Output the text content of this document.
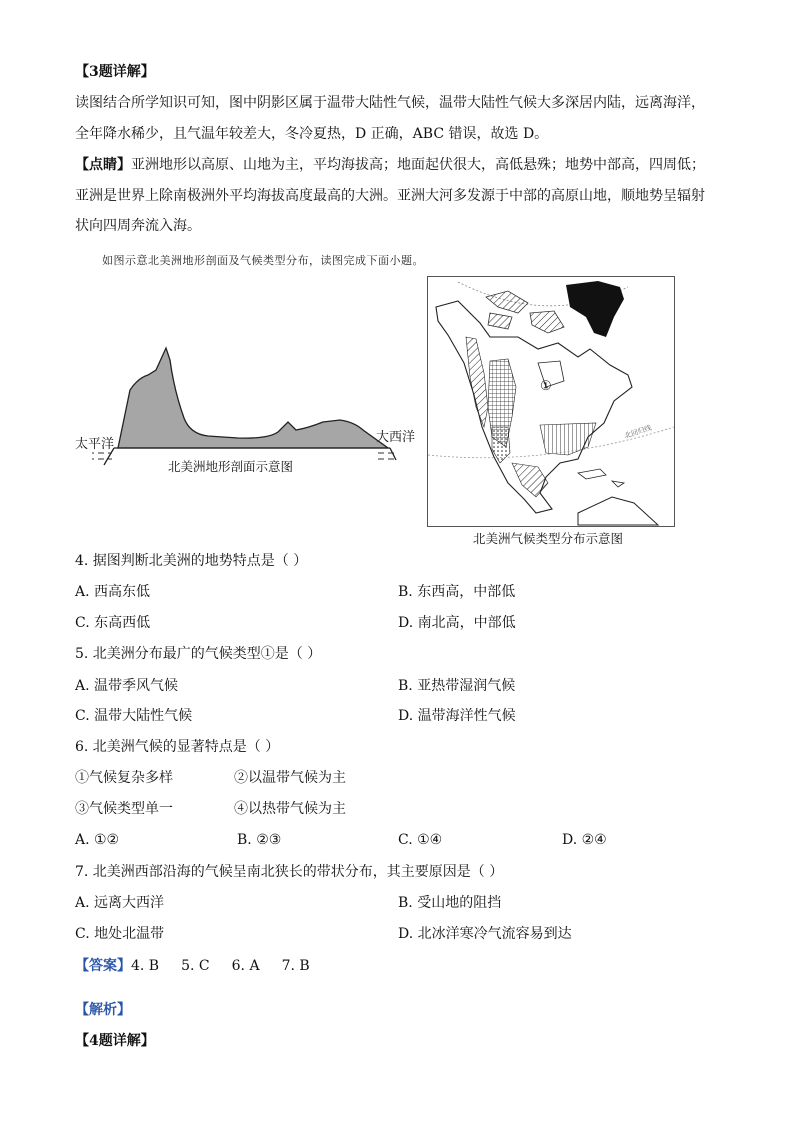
【3题详解】
读图结合所学知识可知，图中阴影区属于温带大陆性气候，温带大陆性气候大多深居内陆，远离海洋，
全年降水稀少，且气温年较差大，冬冷夏热，D 正确，ABC 错误，故选 D。
【点睛】亚洲地形以高原、山地为主，平均海拔高；地面起伏很大，高低悬殊；地势中部高，四周低；
亚洲是世界上除南极洲外平均海拔高度最高的大洲。亚洲大河多发源于中部的高原山地，顺地势呈辐射
状向四周奔流入海。
如图示意北美洲地形剖面及气候类型分布，读图完成下面小题。
太平洋	大西洋
北美洲地形剖面示意图
①
北回归线
北美洲气候类型分布示意图
4. 据图判断北美洲的地势特点是（ ）
A. 西高东低	B. 东西高，中部低
C. 东高西低	D. 南北高，中部低
5. 北美洲分布最广的气候类型①是（ ）
A. 温带季风气候	B. 亚热带湿润气候
C. 温带大陆性气候	D. 温带海洋性气候
6. 北美洲气候的显著特点是（ ）
①气候复杂多样	②以温带气候为主
③气候类型单一	④以热带气候为主
A. ①②	B. ②③	C. ①④	D. ②④
7. 北美洲西部沿海的气候呈南北狭长的带状分布，其主要原因是（ ）
A. 远离大西洋	B. 受山地的阻挡
C. 地处北温带	D. 北冰洋寒冷气流容易到达
【答案】4. B 5. C 6. A 7. B
【解析】
【4题详解】
